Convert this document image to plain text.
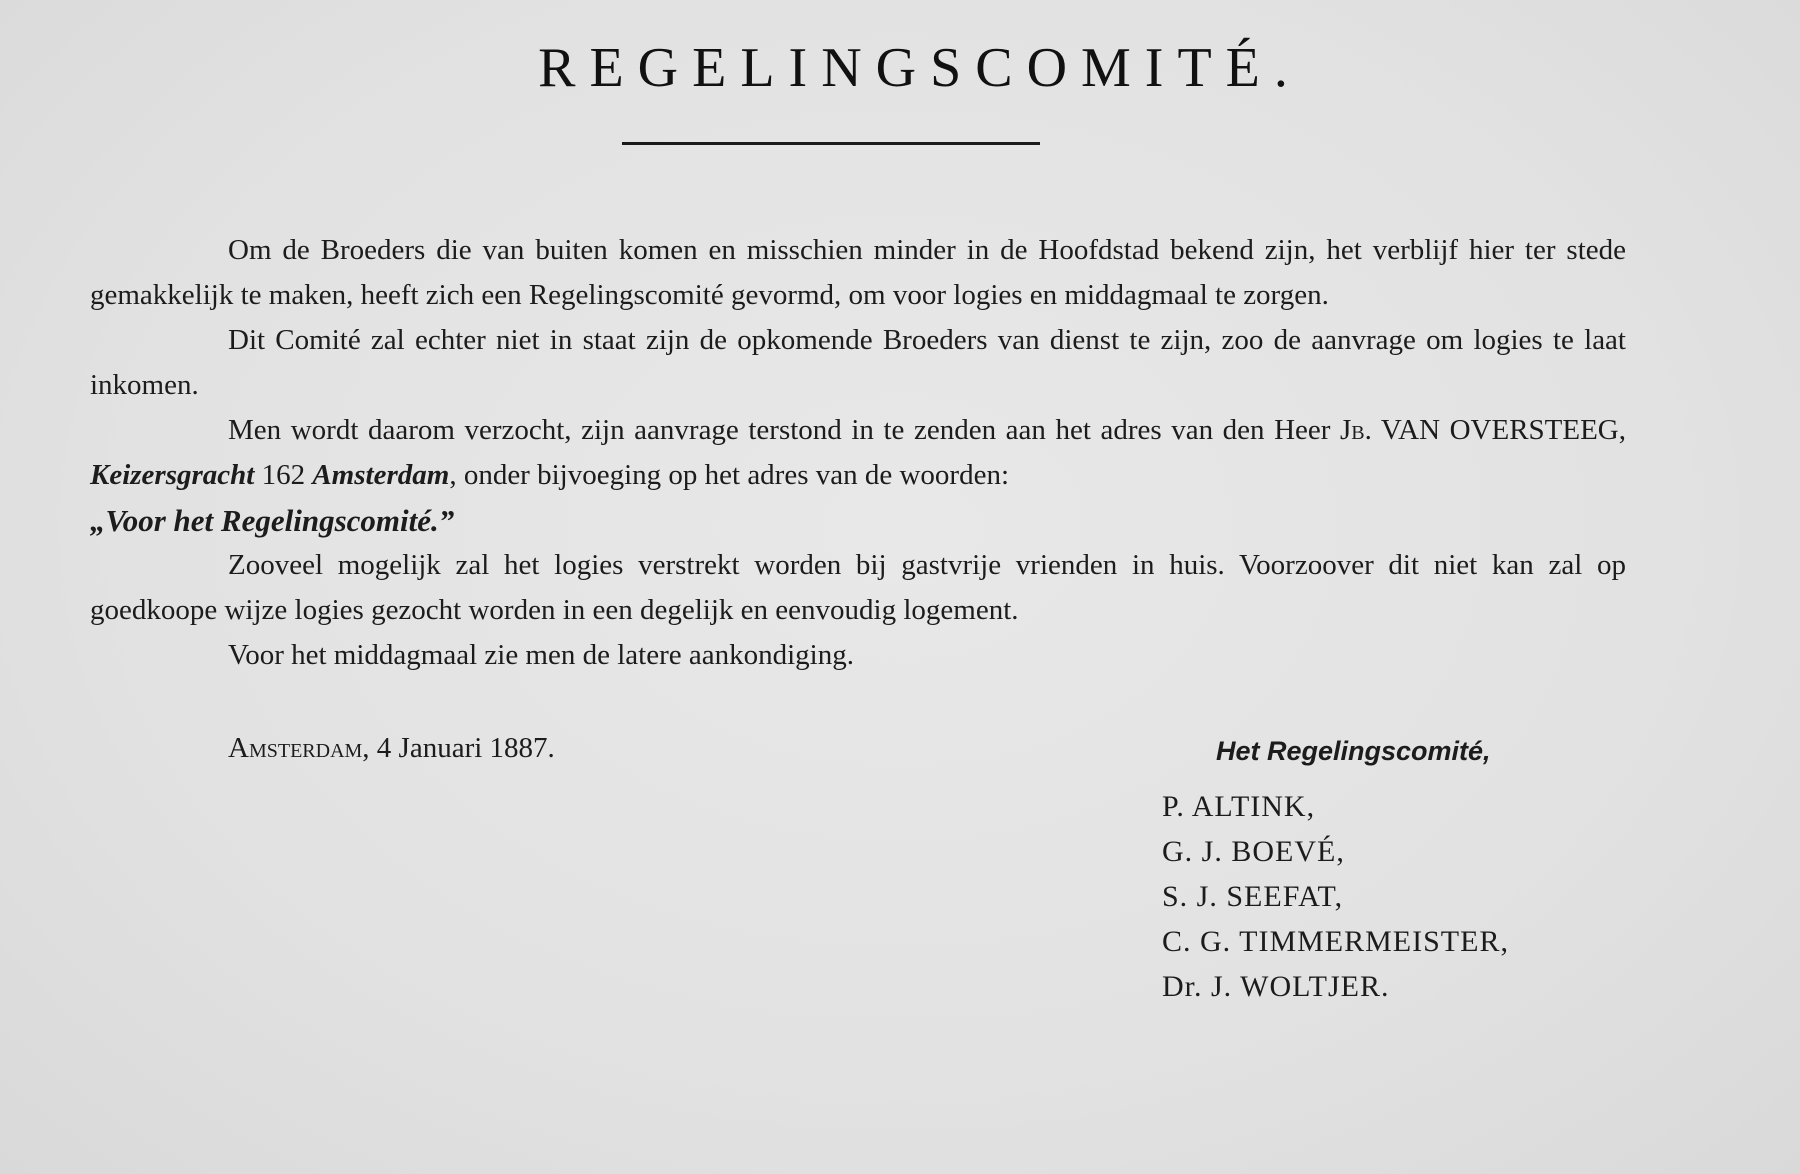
REGELINGSCOMITÉ.

Om de Broeders die van buiten komen en misschien minder in de Hoofdstad bekend zijn, het verblijf hier ter stede gemakkelijk te maken, heeft zich een Regelingscomité gevormd, om voor logies en middagmaal te zorgen.

Dit Comité zal echter niet in staat zijn de opkomende Broeders van dienst te zijn, zoo de aanvrage om logies te laat inkomen.

Men wordt daarom verzocht, zijn aanvrage terstond in te zenden aan het adres van den Heer Jb. VAN OVERSTEEG, Keizersgracht 162 Amsterdam, onder bijvoeging op het adres van de woorden:
„Voor het Regelingscomité.”

Zooveel mogelijk zal het logies verstrekt worden bij gastvrije vrienden in huis. Voorzoover dit niet kan zal op goedkoope wijze logies gezocht worden in een degelijk en eenvoudig logement.

Voor het middagmaal zie men de latere aankondiging.

Amsterdam, 4 Januari 1887.	Het Regelingscomité,
P. ALTINK,
G. J. BOEVÉ,
S. J. SEEFAT,
C. G. TIMMERMEISTER,
Dr. J. WOLTJER.
